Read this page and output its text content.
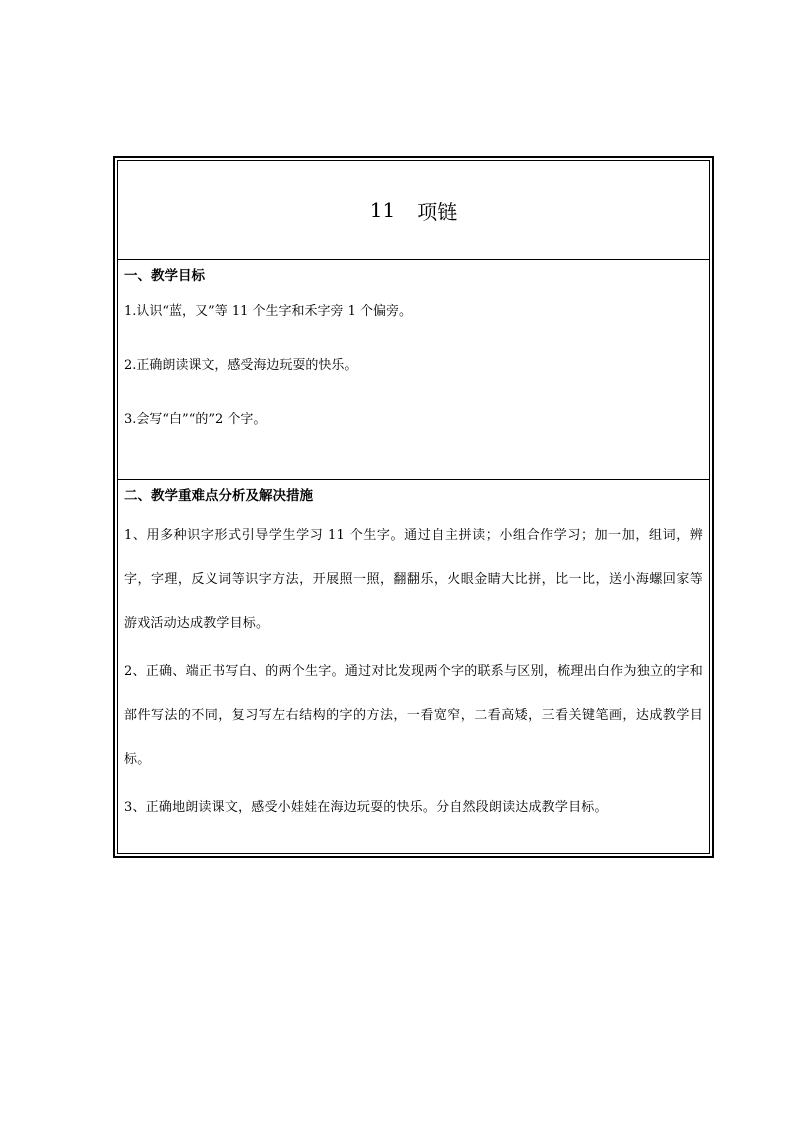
11 项链
一、教学目标
1.认识“蓝，又”等 11 个生字和禾字旁 1 个偏旁。
2.正确朗读课文，感受海边玩耍的快乐。
3.会写“白”“的”2 个字。
二、教学重难点分析及解决措施
1、用多种识字形式引导学生学习 11 个生字。通过自主拼读；小组合作学习；加一加，组词，辨字，字理，反义词等识字方法，开展照一照，翻翻乐，火眼金睛大比拼，比一比，送小海螺回家等游戏活动达成教学目标。
2、正确、端正书写白、的两个生字。通过对比发现两个字的联系与区别，梳理出白作为独立的字和部件写法的不同，复习写左右结构的字的方法，一看宽窄，二看高矮，三看关键笔画，达成教学目标。
3、正确地朗读课文，感受小娃娃在海边玩耍的快乐。分自然段朗读达成教学目标。
